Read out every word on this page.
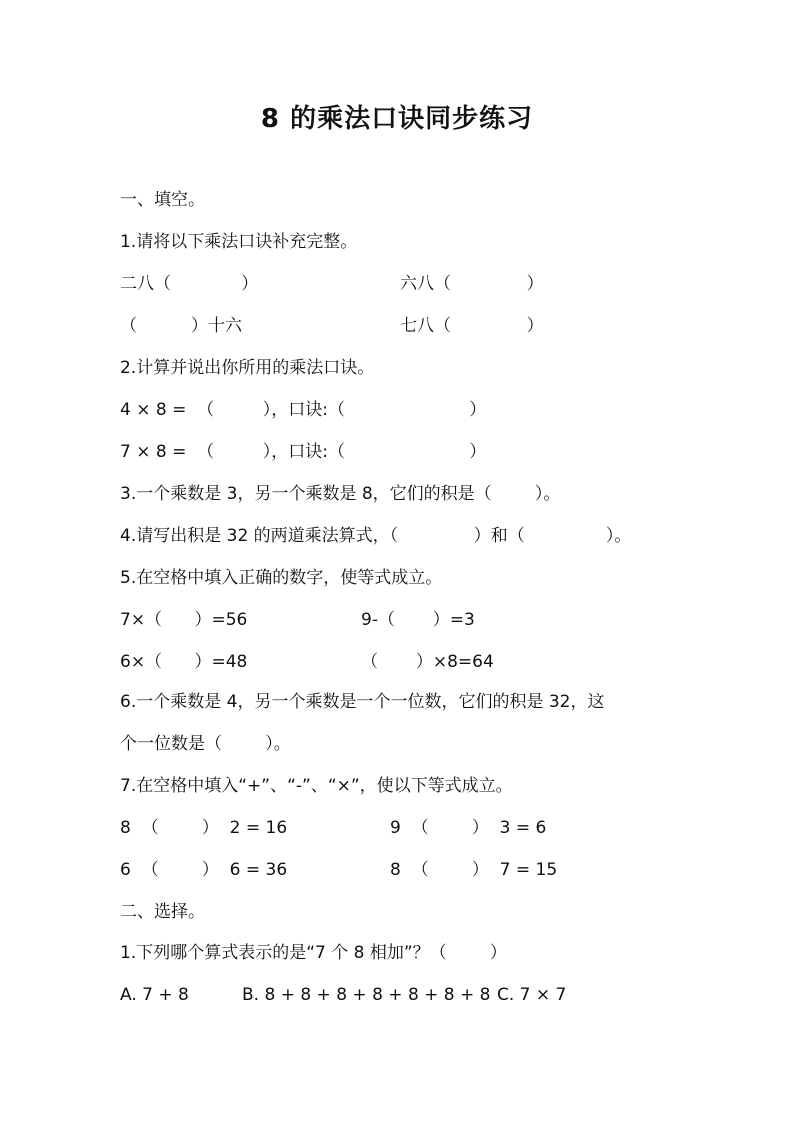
8 的乘法口诀同步练习
一、填空。
1.请将以下乘法口诀补充完整。
二八（             ）	六八（              ）
（          ）十六	七八（              ）
2.计算并说出你所用的乘法口诀。
4 × 8 =  （         ），口诀:（                       ）
7 × 8 =  （         ），口诀:（                       ）
3.一个乘数是 3，另一个乘数是 8，它们的积是（        ）。
4.请写出积是 32 的两道乘法算式，（              ）和（               ）。
5.在空格中填入正确的数字，使等式成立。
7×（      ）=56	9-（       ）=3
6×（      ）=48	（       ）×8=64
6.一个乘数是 4，另一个乘数是一个一位数，它们的积是 32，这
个一位数是（        ）。
7.在空格中填入“+”、“-”、“×”，使以下等式成立。
8  （        ）  2 = 16	9  （        ）  3 = 6
6  （        ）  6 = 36	8  （        ）  7 = 15
二、选择。
1.下列哪个算式表示的是“7 个 8 相加”？（        ）
A. 7 + 8	B. 8 + 8 + 8 + 8 + 8 + 8 + 8 C. 7 × 7
